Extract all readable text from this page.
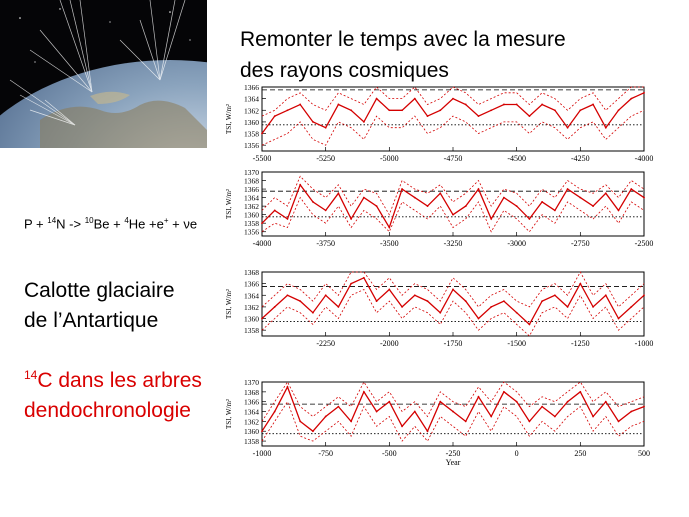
Remonter le temps avec la mesure
des rayons cosmiques
P + $^{14}$N -> $^{10}$Be + $^4$He +e+ + νe
Calotte glaciaire
de l’Antartique
$^{14}$C dans les arbres
dendochronologie
1356
1358
1360
1362
1364
1366
-5500	-5250	-5000	-4750	-4500	-4250	-4000
TSI, W/m²
1356
1358
1360
1362
1364
1366
1368
1370
-4000	-3750	-3500	-3250	-3000	-2750	-2500
TSI, W/m²
1358
1360
1362
1364
1366
1368
-2250	-2000	-1750	-1500	-1250	-1000
TSI, W/m²
1358
1360
1362
1364
1366
1368
1370
-1000	-750	-500	-250	0	250	500
TSI, W/m²
Year
